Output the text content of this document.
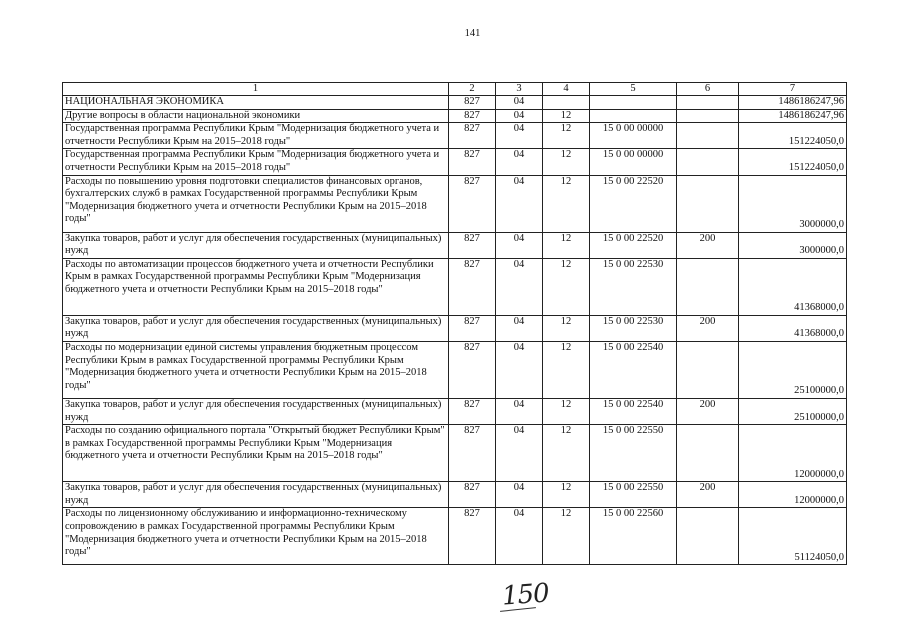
141
1	2	3	4	5	6	7
НАЦИОНАЛЬНАЯ ЭКОНОМИКА	827	04				1486186247,96
Другие вопросы в области национальной экономики	827	04	12			1486186247,96
Государственная программа Республики Крым "Модернизация бюджетного учета и отчетности Республики Крым на 2015–2018 годы"	827	04	12	15 0 00 00000		151224050,0
Государственная программа Республики Крым "Модернизация бюджетного учета и отчетности Республики Крым на 2015–2018 годы"	827	04	12	15 0 00 00000		151224050,0
Расходы по повышению уровня подготовки специалистов финансовых органов, бухгалтерских служб в рамках Государственной программы Республики Крым "Модернизация бюджетного учета и отчетности Республики Крым на 2015–2018 годы"	827	04	12	15 0 00 22520		3000000,0
Закупка товаров, работ и услуг для обеспечения государственных (муниципальных) нужд	827	04	12	15 0 00 22520	200	3000000,0
Расходы по автоматизации процессов бюджетного учета и отчетности Республики Крым в рамках Государственной программы Республики Крым "Модернизация бюджетного учета и отчетности Республики Крым на 2015–2018 годы"	827	04	12	15 0 00 22530		41368000,0
Закупка товаров, работ и услуг для обеспечения государственных (муниципальных) нужд	827	04	12	15 0 00 22530	200	41368000,0
Расходы по модернизации единой системы управления бюджетным процессом Республики Крым в рамках Государственной программы Республики Крым "Модернизация бюджетного учета и отчетности Республики Крым на 2015–2018 годы"	827	04	12	15 0 00 22540		25100000,0
Закупка товаров, работ и услуг для обеспечения государственных (муниципальных) нужд	827	04	12	15 0 00 22540	200	25100000,0
Расходы по созданию официального портала "Открытый бюджет Республики Крым" в рамках Государственной программы Республики Крым "Модернизация бюджетного учета и отчетности Республики Крым на 2015–2018 годы"	827	04	12	15 0 00 22550		12000000,0
Закупка товаров, работ и услуг для обеспечения государственных (муниципальных) нужд	827	04	12	15 0 00 22550	200	12000000,0
Расходы по лицензионному обслуживанию и информационно-техническому сопровождению в рамках Государственной программы Республики Крым "Модернизация бюджетного учета и отчетности Республики Крым на 2015–2018 годы"	827	04	12	15 0 00 22560		51124050,0
150
